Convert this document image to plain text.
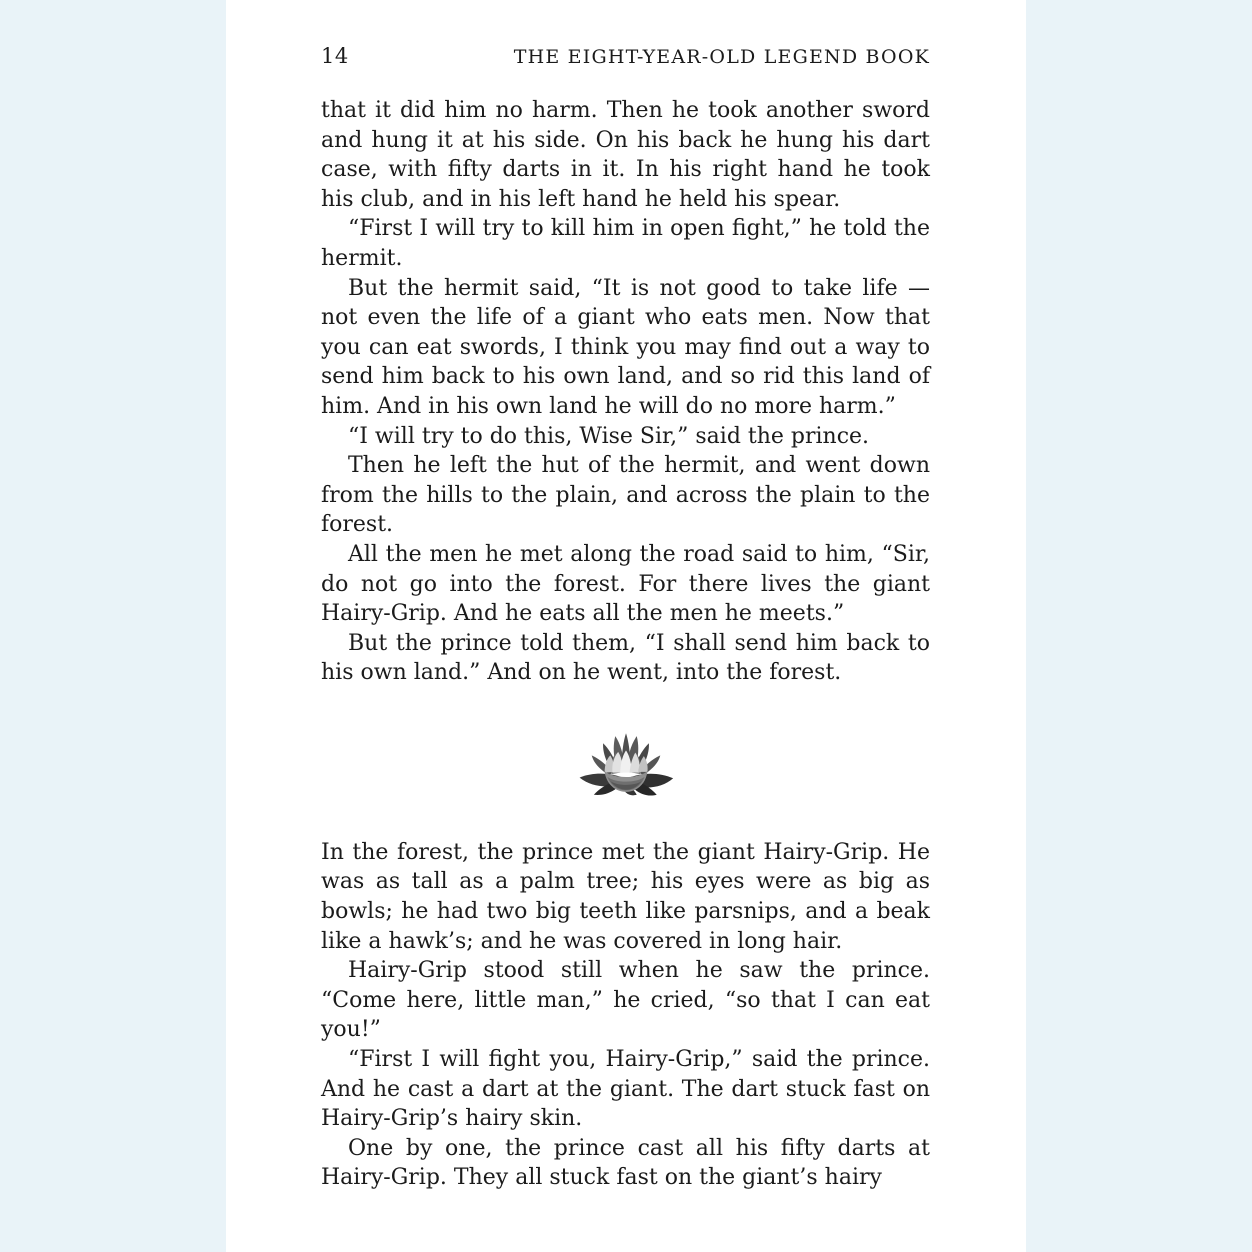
14	THE EIGHT-YEAR-OLD LEGEND BOOK

that it did him no harm. Then he took another sword and hung it at his side. On his back he hung his dart case, with fifty darts in it. In his right hand he took his club, and in his left hand he held his spear.

“First I will try to kill him in open fight,” he told the hermit.

But the hermit said, “It is not good to take life — not even the life of a giant who eats men. Now that you can eat swords, I think you may find out a way to send him back to his own land, and so rid this land of him. And in his own land he will do no more harm.”

“I will try to do this, Wise Sir,” said the prince.

Then he left the hut of the hermit, and went down from the hills to the plain, and across the plain to the forest.

All the men he met along the road said to him, “Sir, do not go into the forest. For there lives the giant Hairy-Grip. And he eats all the men he meets.”

But the prince told them, “I shall send him back to his own land.” And on he went, into the forest.

In the forest, the prince met the giant Hairy-Grip. He was as tall as a palm tree; his eyes were as big as bowls; he had two big teeth like parsnips, and a beak like a hawk’s; and he was covered in long hair.

Hairy-Grip stood still when he saw the prince. “Come here, little man,” he cried, “so that I can eat you!”

“First I will fight you, Hairy-Grip,” said the prince. And he cast a dart at the giant. The dart stuck fast on Hairy-Grip’s hairy skin.

One by one, the prince cast all his fifty darts at Hairy-Grip. They all stuck fast on the giant’s hairy
